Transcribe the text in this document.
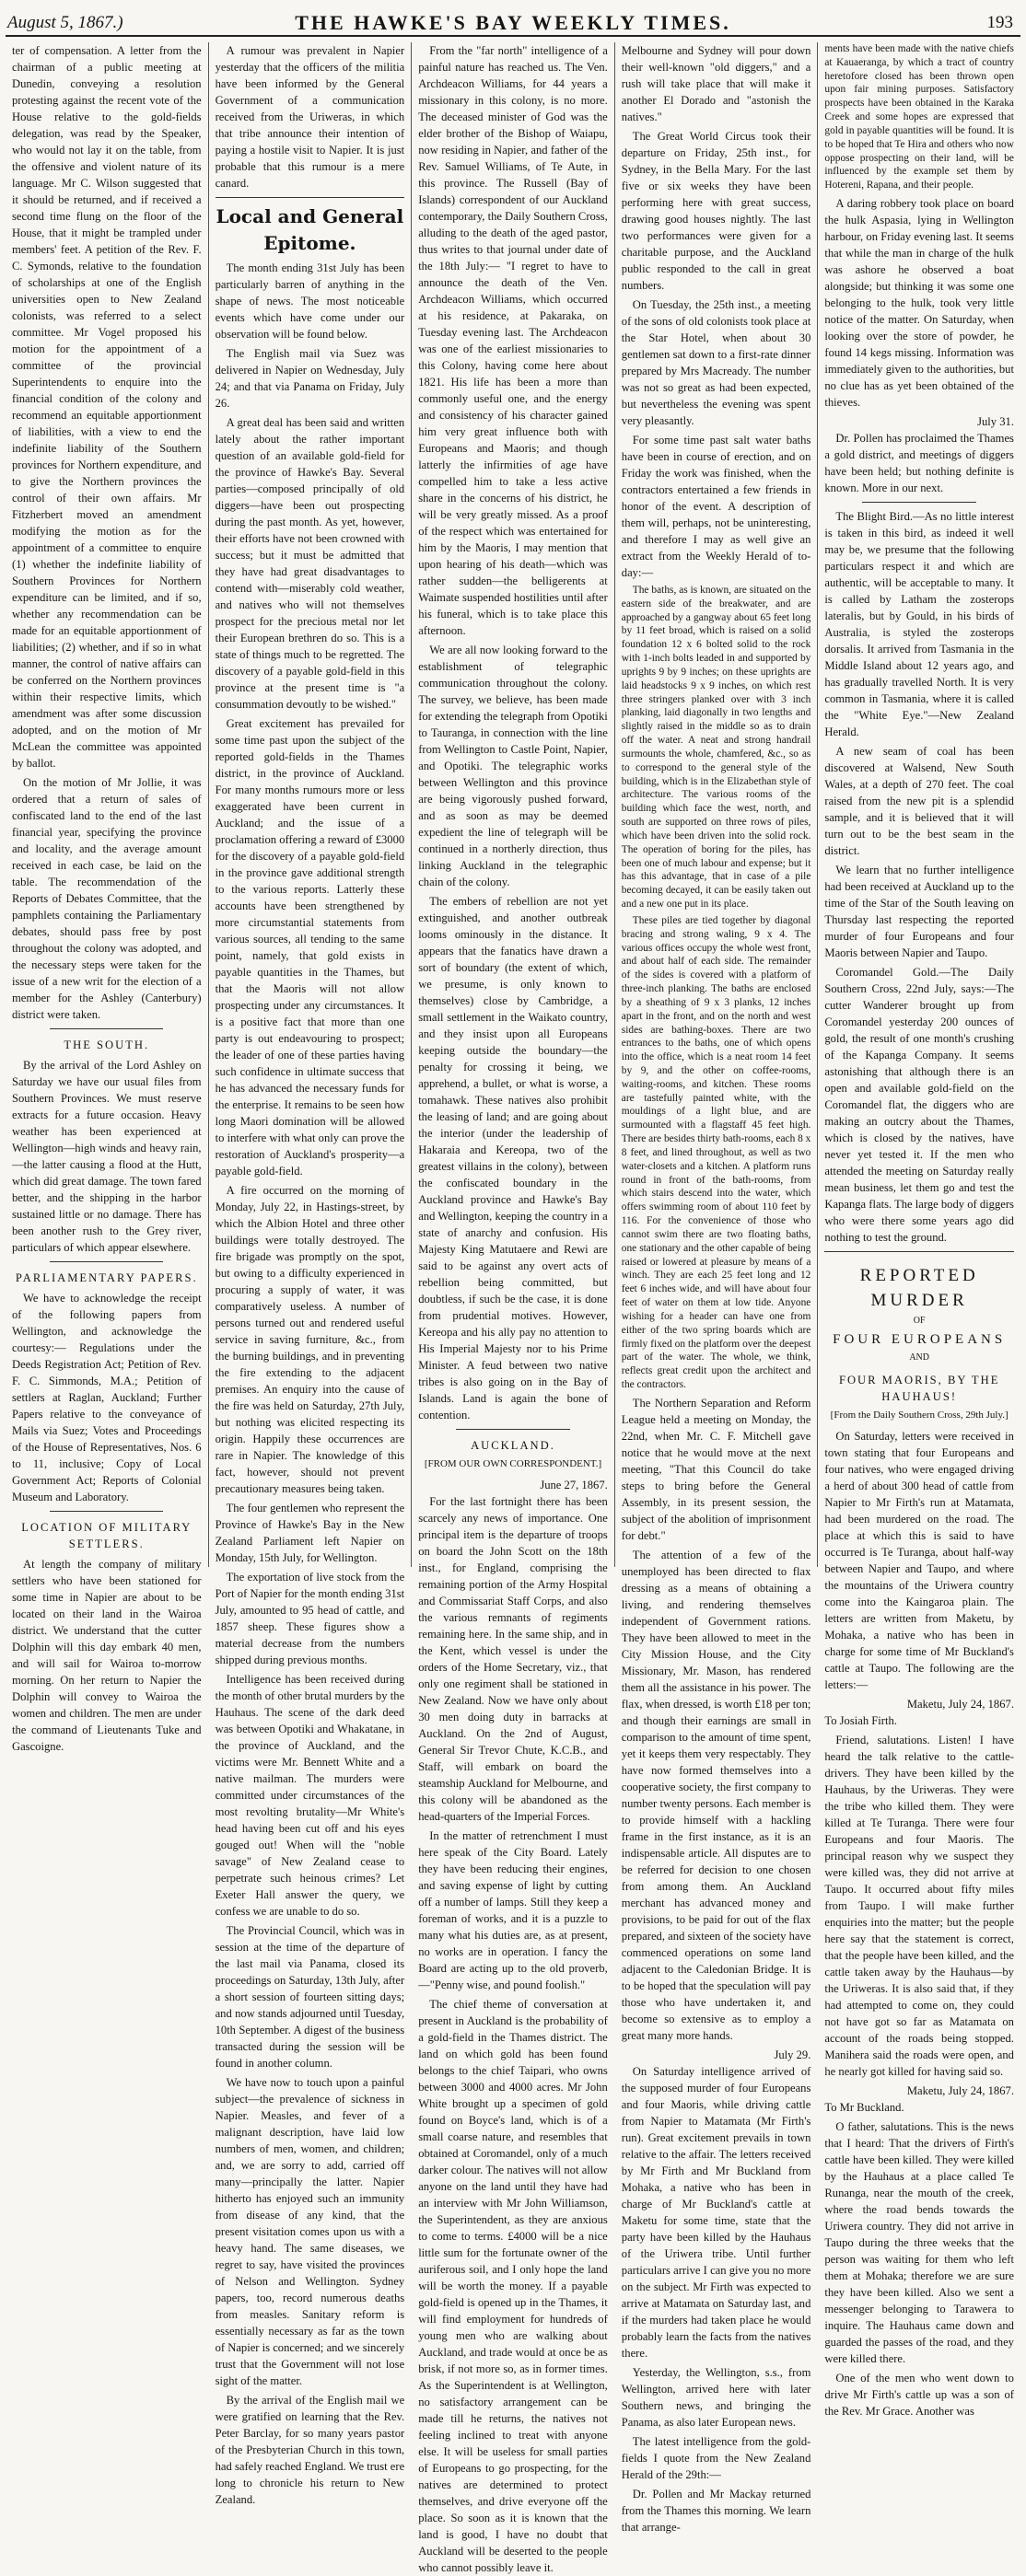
August 5, 1867.)	THE HAWKE'S BAY WEEKLY TIMES.	193

ter of compensation. A letter from the chairman of a public meeting at Dunedin, conveying a resolution protesting against the recent vote of the House relative to the gold-fields delegation, was read by the Speaker, who would not lay it on the table, from the offensive and violent nature of its language. Mr C. Wilson suggested that it should be returned, and if received a second time flung on the floor of the House, that it might be trampled under members' feet. A petition of the Rev. F. C. Symonds, relative to the foundation of scholarships at one of the English universities open to New Zealand colonists, was referred to a select committee. Mr Vogel proposed his motion for the appointment of a committee of the provincial Superintendents to enquire into the financial condition of the colony and recommend an equitable apportionment of liabilities, with a view to end the indefinite liability of the Southern provinces for Northern expenditure, and to give the Northern provinces the control of their own affairs. Mr Fitzherbert moved an amendment modifying the motion as for the appointment of a committee to enquire (1) whether the indefinite liability of Southern Provinces for Northern expenditure can be limited, and if so, whether any recommendation can be made for an equitable apportionment of liabilities; (2) whether, and if so in what manner, the control of native affairs can be conferred on the Northern provinces within their respective limits, which amendment was after some discussion adopted, and on the motion of Mr McLean the committee was appointed by ballot.

On the motion of Mr Jollie, it was ordered that a return of sales of confiscated land to the end of the last financial year, specifying the province and locality, and the average amount received in each case, be laid on the table. The recommendation of the Reports of Debates Committee, that the pamphlets containing the Parliamentary debates, should pass free by post throughout the colony was adopted, and the necessary steps were taken for the issue of a new writ for the election of a member for the Ashley (Canterbury) district were taken.

THE SOUTH.

By the arrival of the Lord Ashley on Saturday we have our usual files from Southern Provinces. We must reserve extracts for a future occasion. Heavy weather has been experienced at Wellington—high winds and heavy rain,—the latter causing a flood at the Hutt, which did great damage. The town fared better, and the shipping in the harbor sustained little or no damage. There has been another rush to the Grey river, particulars of which appear elsewhere.

PARLIAMENTARY PAPERS.

We have to acknowledge the receipt of the following papers from Wellington, and acknowledge the courtesy:— Regulations under the Deeds Registration Act; Petition of Rev. F. C. Simmonds, M.A.; Petition of settlers at Raglan, Auckland; Further Papers relative to the conveyance of Mails via Suez; Votes and Proceedings of the House of Representatives, Nos. 6 to 11, inclusive; Copy of Local Government Act; Reports of Colonial Museum and Laboratory.

LOCATION OF MILITARY SETTLERS.

At length the company of military settlers who have been stationed for some time in Napier are about to be located on their land in the Wairoa district. We understand that the cutter Dolphin will this day embark 40 men, and will sail for Wairoa to-morrow morning. On her return to Napier the Dolphin will convey to Wairoa the women and children. The men are under the command of Lieutenants Tuke and Gascoigne.

A rumour was prevalent in Napier yesterday that the officers of the militia have been informed by the General Government of a communication received from the Uriweras, in which that tribe announce their intention of paying a hostile visit to Napier. It is just probable that this rumour is a mere canard.

Local and General Epitome.

The month ending 31st July has been particularly barren of anything in the shape of news. The most noticeable events which have come under our observation will be found below.

The English mail via Suez was delivered in Napier on Wednesday, July 24; and that via Panama on Friday, July 26.

A great deal has been said and written lately about the rather important question of an available gold-field for the province of Hawke's Bay. Several parties—composed principally of old diggers—have been out prospecting during the past month. As yet, however, their efforts have not been crowned with success; but it must be admitted that they have had great disadvantages to contend with—miserably cold weather, and natives who will not themselves prospect for the precious metal nor let their European brethren do so. This is a state of things much to be regretted. The discovery of a payable gold-field in this province at the present time is "a consummation devoutly to be wished."

Great excitement has prevailed for some time past upon the subject of the reported gold-fields in the Thames district, in the province of Auckland. For many months rumours more or less exaggerated have been current in Auckland; and the issue of a proclamation offering a reward of £3000 for the discovery of a payable gold-field in the province gave additional strength to the various reports. Latterly these accounts have been strengthened by more circumstantial statements from various sources, all tending to the same point, namely, that gold exists in payable quantities in the Thames, but that the Maoris will not allow prospecting under any circumstances. It is a positive fact that more than one party is out endeavouring to prospect; the leader of one of these parties having such confidence in ultimate success that he has advanced the necessary funds for the enterprise. It remains to be seen how long Maori domination will be allowed to interfere with what only can prove the restoration of Auckland's prosperity—a payable gold-field.

A fire occurred on the morning of Monday, July 22, in Hastings-street, by which the Albion Hotel and three other buildings were totally destroyed. The fire brigade was promptly on the spot, but owing to a difficulty experienced in procuring a supply of water, it was comparatively useless. A number of persons turned out and rendered useful service in saving furniture, &c., from the burning buildings, and in preventing the fire extending to the adjacent premises. An enquiry into the cause of the fire was held on Saturday, 27th July, but nothing was elicited respecting its origin. Happily these occurrences are rare in Napier. The knowledge of this fact, however, should not prevent precautionary measures being taken.

The four gentlemen who represent the Province of Hawke's Bay in the New Zealand Parliament left Napier on Monday, 15th July, for Wellington.

The exportation of live stock from the Port of Napier for the month ending 31st July, amounted to 95 head of cattle, and 1857 sheep. These figures show a material decrease from the numbers shipped during previous months.

Intelligence has been received during the month of other brutal murders by the Hauhaus. The scene of the dark deed was between Opotiki and Whakatane, in the province of Auckland, and the victims were Mr. Bennett White and a native mailman. The murders were committed under circumstances of the most revolting brutality—Mr White's head having been cut off and his eyes gouged out! When will the "noble savage" of New Zealand cease to perpetrate such heinous crimes? Let Exeter Hall answer the query, we confess we are unable to do so.

The Provincial Council, which was in session at the time of the departure of the last mail via Panama, closed its proceedings on Saturday, 13th July, after a short session of fourteen sitting days; and now stands adjourned until Tuesday, 10th September. A digest of the business transacted during the session will be found in another column.

We have now to touch upon a painful subject—the prevalence of sickness in Napier. Measles, and fever of a malignant description, have laid low numbers of men, women, and children; and, we are sorry to add, carried off many—principally the latter. Napier hitherto has enjoyed such an immunity from disease of any kind, that the present visitation comes upon us with a heavy hand. The same diseases, we regret to say, have visited the provinces of Nelson and Wellington. Sydney papers, too, record numerous deaths from measles. Sanitary reform is essentially necessary as far as the town of Napier is concerned; and we sincerely trust that the Government will not lose sight of the matter.

By the arrival of the English mail we were gratified on learning that the Rev. Peter Barclay, for so many years pastor of the Presbyterian Church in this town, had safely reached England. We trust ere long to chronicle his return to New Zealand.

From the "far north" intelligence of a painful nature has reached us. The Ven. Archdeacon Williams, for 44 years a missionary in this colony, is no more. The deceased minister of God was the elder brother of the Bishop of Waiapu, now residing in Napier, and father of the Rev. Samuel Williams, of Te Aute, in this province. The Russell (Bay of Islands) correspondent of our Auckland contemporary, the Daily Southern Cross, alluding to the death of the aged pastor, thus writes to that journal under date of the 18th July:— "I regret to have to announce the death of the Ven. Archdeacon Williams, which occurred at his residence, at Pakaraka, on Tuesday evening last. The Archdeacon was one of the earliest missionaries to this Colony, having come here about 1821. His life has been a more than commonly useful one, and the energy and consistency of his character gained him very great influence both with Europeans and Maoris; and though latterly the infirmities of age have compelled him to take a less active share in the concerns of his district, he will be very greatly missed. As a proof of the respect which was entertained for him by the Maoris, I may mention that upon hearing of his death—which was rather sudden—the belligerents at Waimate suspended hostilities until after his funeral, which is to take place this afternoon.

We are all now looking forward to the establishment of telegraphic communication throughout the colony. The survey, we believe, has been made for extending the telegraph from Opotiki to Tauranga, in connection with the line from Wellington to Castle Point, Napier, and Opotiki. The telegraphic works between Wellington and this province are being vigorously pushed forward, and as soon as may be deemed expedient the line of telegraph will be continued in a northerly direction, thus linking Auckland in the telegraphic chain of the colony.

The embers of rebellion are not yet extinguished, and another outbreak looms ominously in the distance. It appears that the fanatics have drawn a sort of boundary (the extent of which, we presume, is only known to themselves) close by Cambridge, a small settlement in the Waikato country, and they insist upon all Europeans keeping outside the boundary—the penalty for crossing it being, we apprehend, a bullet, or what is worse, a tomahawk. These natives also prohibit the leasing of land; and are going about the interior (under the leadership of Hakaraia and Kereopa, two of the greatest villains in the colony), between the confiscated boundary in the Auckland province and Hawke's Bay and Wellington, keeping the country in a state of anarchy and confusion. His Majesty King Matutaere and Rewi are said to be against any overt acts of rebellion being committed, but doubtless, if such be the case, it is done from prudential motives. However, Kereopa and his ally pay no attention to His Imperial Majesty nor to his Prime Minister. A feud between two native tribes is also going on in the Bay of Islands. Land is again the bone of contention.

AUCKLAND.
[FROM OUR OWN CORRESPONDENT.]
June 27, 1867.

For the last fortnight there has been scarcely any news of importance. One principal item is the departure of troops on board the John Scott on the 18th inst., for England, comprising the remaining portion of the Army Hospital and Commissariat Staff Corps, and also the various remnants of regiments remaining here. In the same ship, and in the Kent, which vessel is under the orders of the Home Secretary, viz., that only one regiment shall be stationed in New Zealand. Now we have only about 30 men doing duty in barracks at Auckland. On the 2nd of August, General Sir Trevor Chute, K.C.B., and Staff, will embark on board the steamship Auckland for Melbourne, and this colony will be abandoned as the head-quarters of the Imperial Forces.

In the matter of retrenchment I must here speak of the City Board. Lately they have been reducing their engines, and saving expense of light by cutting off a number of lamps. Still they keep a foreman of works, and it is a puzzle to many what his duties are, as at present, no works are in operation. I fancy the Board are acting up to the old proverb,—"Penny wise, and pound foolish."

The chief theme of conversation at present in Auckland is the probability of a gold-field in the Thames district. The land on which gold has been found belongs to the chief Taipari, who owns between 3000 and 4000 acres. Mr John White brought up a specimen of gold found on Boyce's land, which is of a small coarse nature, and resembles that obtained at Coromandel, only of a much darker colour. The natives will not allow anyone on the land until they have had an interview with Mr John Williamson, the Superintendent, as they are anxious to come to terms. £4000 will be a nice little sum for the fortunate owner of the auriferous soil, and I only hope the land will be worth the money. If a payable gold-field is opened up in the Thames, it will find employment for hundreds of young men who are walking about Auckland, and trade would at once be as brisk, if not more so, as in former times. As the Superintendent is at Wellington, no satisfactory arrangement can be made till he returns, the natives not feeling inclined to treat with anyone else. It will be useless for small parties of Europeans to go prospecting, for the natives are determined to protect themselves, and drive everyone off the place. So soon as it is known that the land is good, I have no doubt that Auckland will be deserted to the people who cannot possibly leave it.

Melbourne and Sydney will pour down their well-known "old diggers," and a rush will take place that will make it another El Dorado and "astonish the natives."

The Great World Circus took their departure on Friday, 25th inst., for Sydney, in the Bella Mary. For the last five or six weeks they have been performing here with great success, drawing good houses nightly. The last two performances were given for a charitable purpose, and the Auckland public responded to the call in great numbers.

On Tuesday, the 25th inst., a meeting of the sons of old colonists took place at the Star Hotel, when about 30 gentlemen sat down to a first-rate dinner prepared by Mrs Macready. The number was not so great as had been expected, but nevertheless the evening was spent very pleasantly.

For some time past salt water baths have been in course of erection, and on Friday the work was finished, when the contractors entertained a few friends in honor of the event. A description of them will, perhaps, not be uninteresting, and therefore I may as well give an extract from the Weekly Herald of to-day:—

The baths, as is known, are situated on the eastern side of the breakwater, and are approached by a gangway about 65 feet long by 11 feet broad, which is raised on a solid foundation 12 x 6 bolted solid to the rock with 1-inch bolts leaded in and supported by uprights 9 by 9 inches; on these uprights are laid headstocks 9 x 9 inches, on which rest three stringers planked over with 3 inch planking, laid diagonally in two lengths and slightly raised in the middle so as to drain off the water. A neat and strong handrail surmounts the whole, chamfered, &c., so as to correspond to the general style of the building, which is in the Elizabethan style of architecture. The various rooms of the building which face the west, north, and south are supported on three rows of piles, which have been driven into the solid rock. The operation of boring for the piles, has been one of much labour and expense; but it has this advantage, that in case of a pile becoming decayed, it can be easily taken out and a new one put in its place.

These piles are tied together by diagonal bracing and strong waling, 9 x 4. The various offices occupy the whole west front, and about half of each side. The remainder of the sides is covered with a platform of three-inch planking. The baths are enclosed by a sheathing of 9 x 3 planks, 12 inches apart in the front, and on the north and west sides are bathing-boxes. There are two entrances to the baths, one of which opens into the office, which is a neat room 14 feet by 9, and the other on coffee-rooms, waiting-rooms, and kitchen. These rooms are tastefully painted white, with the mouldings of a light blue, and are surmounted with a flagstaff 45 feet high. There are besides thirty bath-rooms, each 8 x 8 feet, and lined throughout, as well as two water-closets and a kitchen. A platform runs round in front of the bath-rooms, from which stairs descend into the water, which offers swimming room of about 110 feet by 116. For the convenience of those who cannot swim there are two floating baths, one stationary and the other capable of being raised or lowered at pleasure by means of a winch. They are each 25 feet long and 12 feet 6 inches wide, and will have about four feet of water on them at low tide. Anyone wishing for a header can have one from either of the two spring boards which are firmly fixed on the platform over the deepest part of the water. The whole, we think, reflects great credit upon the architect and the contractors.

The Northern Separation and Reform League held a meeting on Monday, the 22nd, when Mr. C. F. Mitchell gave notice that he would move at the next meeting, "That this Council do take steps to bring before the General Assembly, in its present session, the subject of the abolition of imprisonment for debt."

The attention of a few of the unemployed has been directed to flax dressing as a means of obtaining a living, and rendering themselves independent of Government rations. They have been allowed to meet in the City Mission House, and the City Missionary, Mr. Mason, has rendered them all the assistance in his power. The flax, when dressed, is worth £18 per ton; and though their earnings are small in comparison to the amount of time spent, yet it keeps them very respectably. They have now formed themselves into a cooperative society, the first company to number twenty persons. Each member is to provide himself with a hackling frame in the first instance, as it is an indispensable article. All disputes are to be referred for decision to one chosen from among them. An Auckland merchant has advanced money and provisions, to be paid for out of the flax prepared, and sixteen of the society have commenced operations on some land adjacent to the Caledonian Bridge. It is to be hoped that the speculation will pay those who have undertaken it, and become so extensive as to employ a great many more hands.

July 29.

On Saturday intelligence arrived of the supposed murder of four Europeans and four Maoris, while driving cattle from Napier to Matamata (Mr Firth's run). Great excitement prevails in town relative to the affair. The letters received by Mr Firth and Mr Buckland from Mohaka, a native who has been in charge of Mr Buckland's cattle at Maketu for some time, state that the party have been killed by the Hauhaus of the Uriwera tribe. Until further particulars arrive I can give you no more on the subject. Mr Firth was expected to arrive at Matamata on Saturday last, and if the murders had taken place he would probably learn the facts from the natives there.

Yesterday, the Wellington, s.s., from Wellington, arrived here with later Southern news, and bringing the Panama, as also later European news.

The latest intelligence from the gold-fields I quote from the New Zealand Herald of the 29th:—

Dr. Pollen and Mr Mackay returned from the Thames this morning. We learn that arrange-

ments have been made with the native chiefs at Kauaeranga, by which a tract of country heretofore closed has been thrown open upon fair mining purposes. Satisfactory prospects have been obtained in the Karaka Creek and some hopes are expressed that gold in payable quantities will be found. It is to be hoped that Te Hira and others who now oppose prospecting on their land, will be influenced by the example set them by Hotereni, Rapana, and their people.

A daring robbery took place on board the hulk Aspasia, lying in Wellington harbour, on Friday evening last. It seems that while the man in charge of the hulk was ashore he observed a boat alongside; but thinking it was some one belonging to the hulk, took very little notice of the matter. On Saturday, when looking over the store of powder, he found 14 kegs missing. Information was immediately given to the authorities, but no clue has as yet been obtained of the thieves.

July 31.

Dr. Pollen has proclaimed the Thames a gold district, and meetings of diggers have been held; but nothing definite is known. More in our next.

The Blight Bird.—As no little interest is taken in this bird, as indeed it well may be, we presume that the following particulars respect it and which are authentic, will be acceptable to many. It is called by Latham the zosterops lateralis, but by Gould, in his birds of Australia, is styled the zosterops dorsalis. It arrived from Tasmania in the Middle Island about 12 years ago, and has gradually travelled North. It is very common in Tasmania, where it is called the "White Eye."—New Zealand Herald.

A new seam of coal has been discovered at Walsend, New South Wales, at a depth of 270 feet. The coal raised from the new pit is a splendid sample, and it is believed that it will turn out to be the best seam in the district.

We learn that no further intelligence had been received at Auckland up to the time of the Star of the South leaving on Thursday last respecting the reported murder of four Europeans and four Maoris between Napier and Taupo.

Coromandel Gold.—The Daily Southern Cross, 22nd July, says:—The cutter Wanderer brought up from Coromandel yesterday 200 ounces of gold, the result of one month's crushing of the Kapanga Company. It seems astonishing that although there is an open and available gold-field on the Coromandel flat, the diggers who are making an outcry about the Thames, which is closed by the natives, have never yet tested it. If the men who attended the meeting on Saturday really mean business, let them go and test the Kapanga flats. The large body of diggers who were there some years ago did nothing to test the ground.

REPORTED MURDER
OF
FOUR EUROPEANS
AND
FOUR MAORIS, BY THE HAUHAUS!
[From the Daily Southern Cross, 29th July.]

On Saturday, letters were received in town stating that four Europeans and four natives, who were engaged driving a herd of about 300 head of cattle from Napier to Mr Firth's run at Matamata, had been murdered on the road. The place at which this is said to have occurred is Te Turanga, about half-way between Napier and Taupo, and where the mountains of the Uriwera country come into the Kaingaroa plain. The letters are written from Maketu, by Mohaka, a native who has been in charge for some time of Mr Buckland's cattle at Taupo. The following are the letters:—

Maketu, July 24, 1867.

To Josiah Firth.

Friend, salutations. Listen! I have heard the talk relative to the cattle-drivers. They have been killed by the Hauhaus, by the Uriweras. They were the tribe who killed them. They were killed at Te Turanga. There were four Europeans and four Maoris. The principal reason why we suspect they were killed was, they did not arrive at Taupo. It occurred about fifty miles from Taupo. I will make further enquiries into the matter; but the people here say that the statement is correct, that the people have been killed, and the cattle taken away by the Hauhaus—by the Uriweras. It is also said that, if they had attempted to come on, they could not have got so far as Matamata on account of the roads being stopped. Manihera said the roads were open, and he nearly got killed for having said so.

Maketu, July 24, 1867.

To Mr Buckland.

O father, salutations. This is the news that I heard: That the drivers of Firth's cattle have been killed. They were killed by the Hauhaus at a place called Te Runanga, near the mouth of the creek, where the road bends towards the Uriwera country. They did not arrive in Taupo during the three weeks that the person was waiting for them who left them at Mohaka; therefore we are sure they have been killed. Also we sent a messenger belonging to Tarawera to inquire. The Hauhaus came down and guarded the passes of the road, and they were killed there.

One of the men who went down to drive Mr Firth's cattle up was a son of the Rev. Mr Grace. Another was
